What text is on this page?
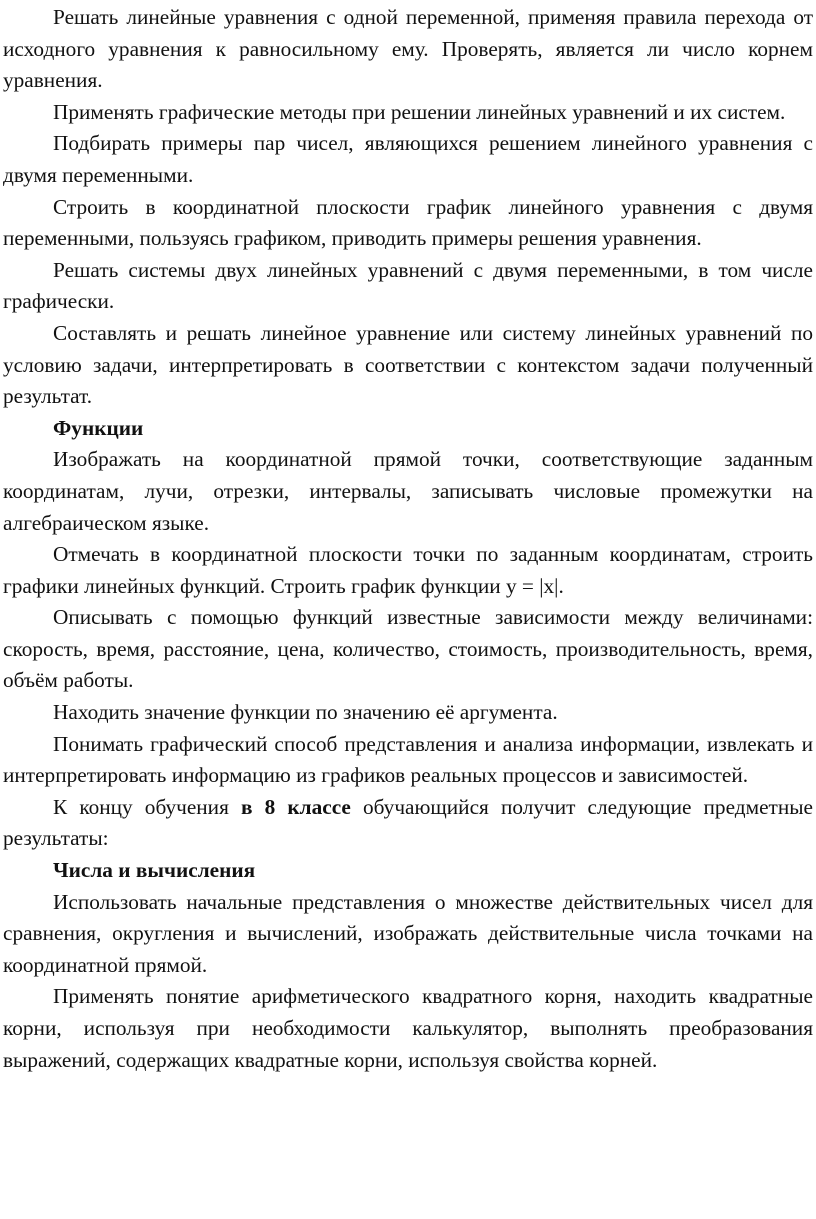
Решать линейные уравнения с одной переменной, применяя правила перехода от исходного уравнения к равносильному ему. Проверять, является ли число корнем уравнения.

Применять графические методы при решении линейных уравнений и их систем.

Подбирать примеры пар чисел, являющихся решением линейного уравнения с двумя переменными.

Строить в координатной плоскости график линейного уравнения с двумя переменными, пользуясь графиком, приводить примеры решения уравнения.

Решать системы двух линейных уравнений с двумя переменными, в том числе графически.

Составлять и решать линейное уравнение или систему линейных уравнений по условию задачи, интерпретировать в соответствии с контекстом задачи полученный результат.

Функции

Изображать на координатной прямой точки, соответствующие заданным координатам, лучи, отрезки, интервалы, записывать числовые промежутки на алгебраическом языке.

Отмечать в координатной плоскости точки по заданным координатам, строить графики линейных функций. Строить график функции y = |x|.

Описывать с помощью функций известные зависимости между величинами: скорость, время, расстояние, цена, количество, стоимость, производительность, время, объём работы.

Находить значение функции по значению её аргумента.

Понимать графический способ представления и анализа информации, извлекать и интерпретировать информацию из графиков реальных процессов и зависимостей.

К концу обучения в 8 классе обучающийся получит следующие предметные результаты:

Числа и вычисления

Использовать начальные представления о множестве действительных чисел для сравнения, округления и вычислений, изображать действительные числа точками на координатной прямой.

Применять понятие арифметического квадратного корня, находить квадратные корни, используя при необходимости калькулятор, выполнять преобразования выражений, содержащих квадратные корни, используя свойства корней.
